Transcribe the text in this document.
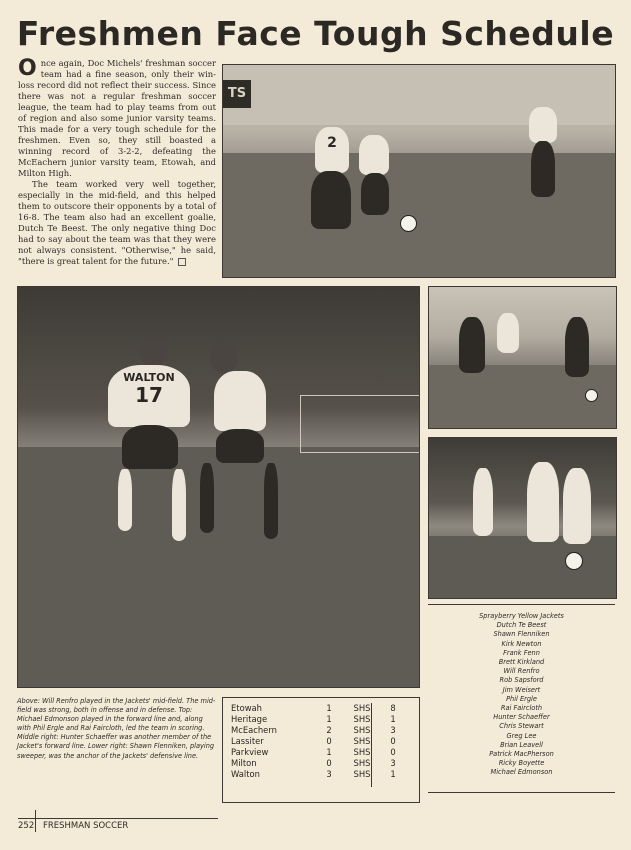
Freshmen Face Tough Schedule

Once again, Doc Michels' freshman soccer team had a fine season, only their win-loss record did not reflect their success. Since there was not a regular freshman soccer league, the team had to play teams from out of region and also some junior varsity teams. This made for a very tough schedule for the freshmen. Even so, they still boasted a winning record of 3-2-2, defeating the McEachern junior varsity team, Etowah, and Milton High.

The team worked very well together, especially in the mid-field, and this helped them to outscore their opponents by a total of 16-8. The team also had an excellent goalie, Dutch Te Beest. The only negative thing Doc had to say about the team was that they were not always consistent. "Otherwise," he said, "there is great talent for the future."

TS
2
WALTON
17
Above: Will Renfro played in the Jackets' mid-field. The mid-field was strong, both in offense and in defense. Top: Michael Edmonson played in the forward line and, along with Phil Ergle and Rai Faircloth, led the team in scoring. Middle right: Hunter Schaeffer was another member of the Jacket's forward line. Lower right: Shawn Flenniken, playing sweeper, was the anchor of the Jackets' defensive line.
Etowah	1	SHS	8
Heritage	1	SHS	1
McEachern	2	SHS	3
Lassiter	0	SHS	0
Parkview	1	SHS	0
Milton	0	SHS	3
Walton	3	SHS	1
Sprayberry Yellow Jackets
Dutch Te Beest
Shawn Flenniken
Kirk Newton
Frank Fenn
Brett Kirkland
Will Renfro
Rob Sapsford
Jim Weisert
Phil Ergle
Rai Faircloth
Hunter Schaeffer
Chris Stewart
Greg Lee
Brian Leavell
Patrick MacPherson
Ricky Boyette
Michael Edmonson
252 FRESHMAN SOCCER
